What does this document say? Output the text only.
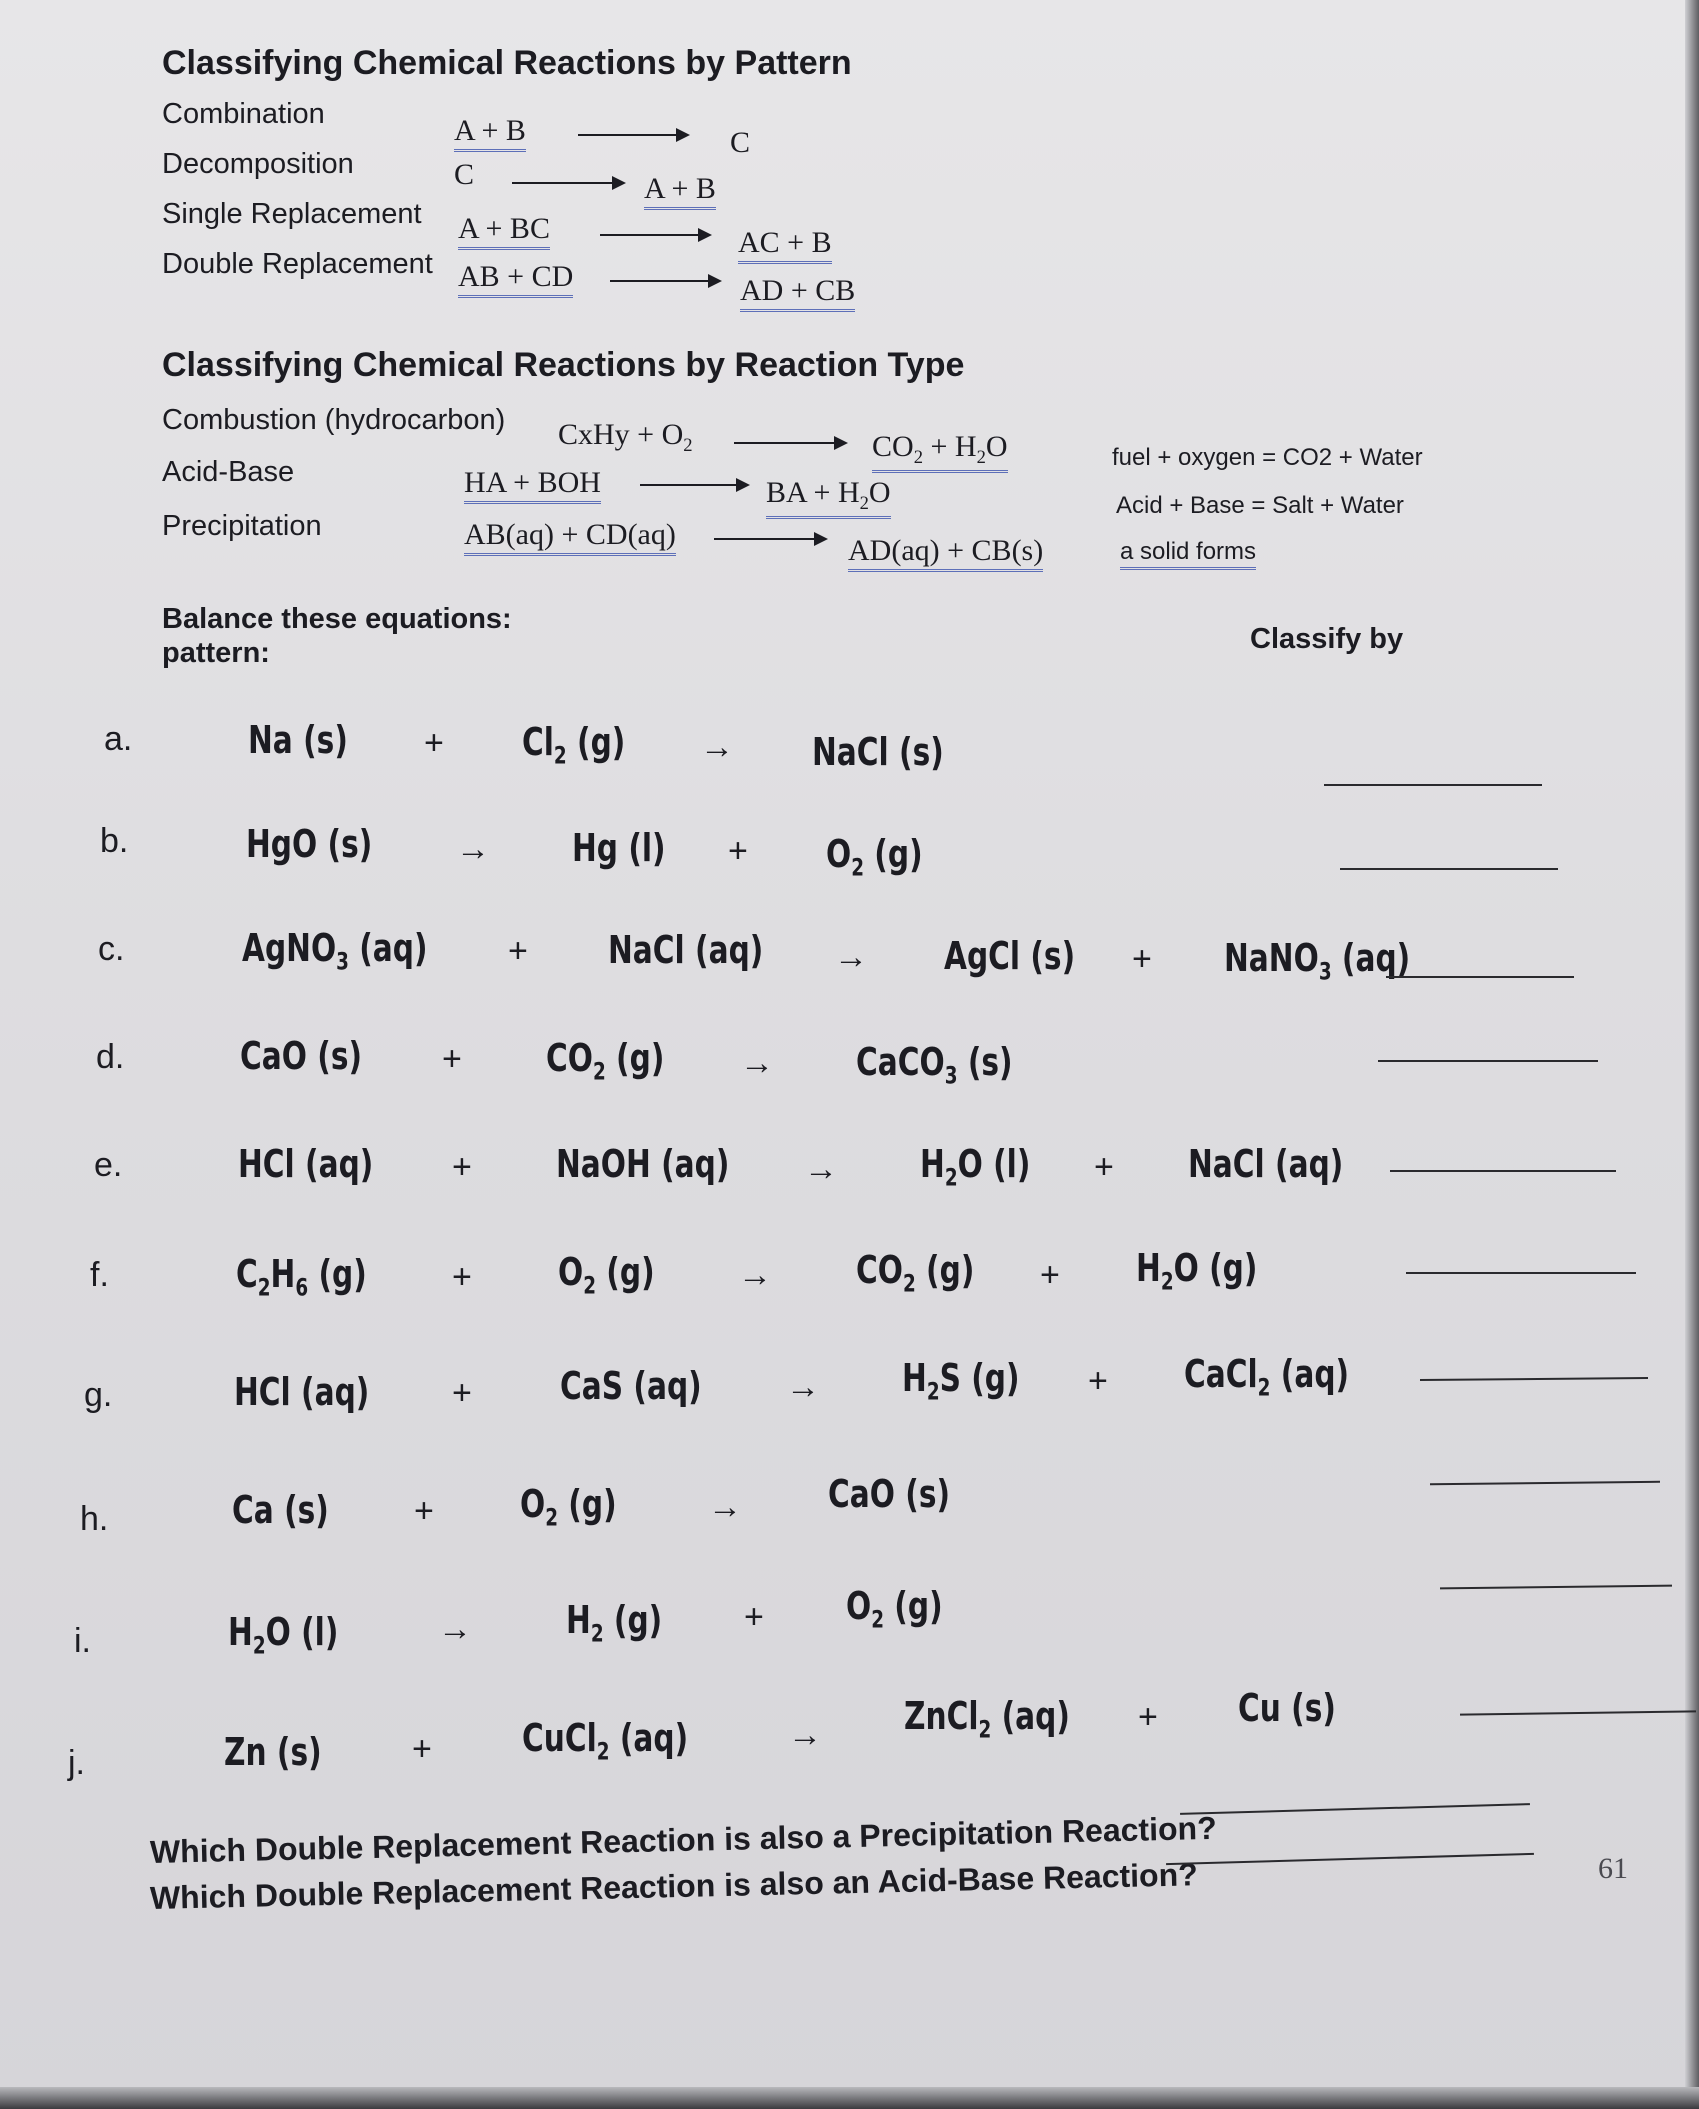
Classifying Chemical Reactions by Pattern
Combination	A + B	C
Decomposition	C	A + B
Single Replacement A + BC	AC + B
Double Replacement AB + CD	AD + CB
Classifying Chemical Reactions by Reaction Type
Combustion (hydrocarbon) CxHy + $O_2$	$CO_2 + H_2O$	fuel + oxygen = CO2 + Water
Acid-Base	HA + BOH	BA + $H_2O$	Acid + Base = Salt + Water
Precipitation	AB(aq) + CD(aq)	AD(aq) + CB(s)	a solid forms
Balance these equations:
pattern:	Classify by
a.	Na $(s) + Cl_2$ (g) → NaCl (s)
b.	HgO (s) → Hg $(l) + O_2$ (g)
c.	AgNO$_3$ (aq) + NaCl (aq) → AgCl (s) + NaNO$_3$ (aq)
d.	CaO $(s) + CO_2$ (g) → CaCO$_3$ (s)
e.	HCl (aq) + NaOH $(aq) \to H_2O$ (l) + NaCl (aq)
f.	$C_2H_6$ (g)	+ $O_2$ $(g) \to CO_2$ $(g) + H_2O$ (g)
g.	HCl (aq) + CaS $(aq) \to H_2S$ (g) + CaCl$_2$ (aq)
h.	Ca (s)	+ $O_2$ (g)	→ CaO (s)
i.	$H_2O$ (l)	→ $H_2$ $(g) + O_2$ (g)
j.	Zn (s)	+ CuCl$_2$ (aq)	→ ZnCl$_2$ (aq) + Cu (s)
Which Double Replacement Reaction is also a Precipitation Reaction?
Which Double Replacement Reaction is also an Acid-Base Reaction?	61
